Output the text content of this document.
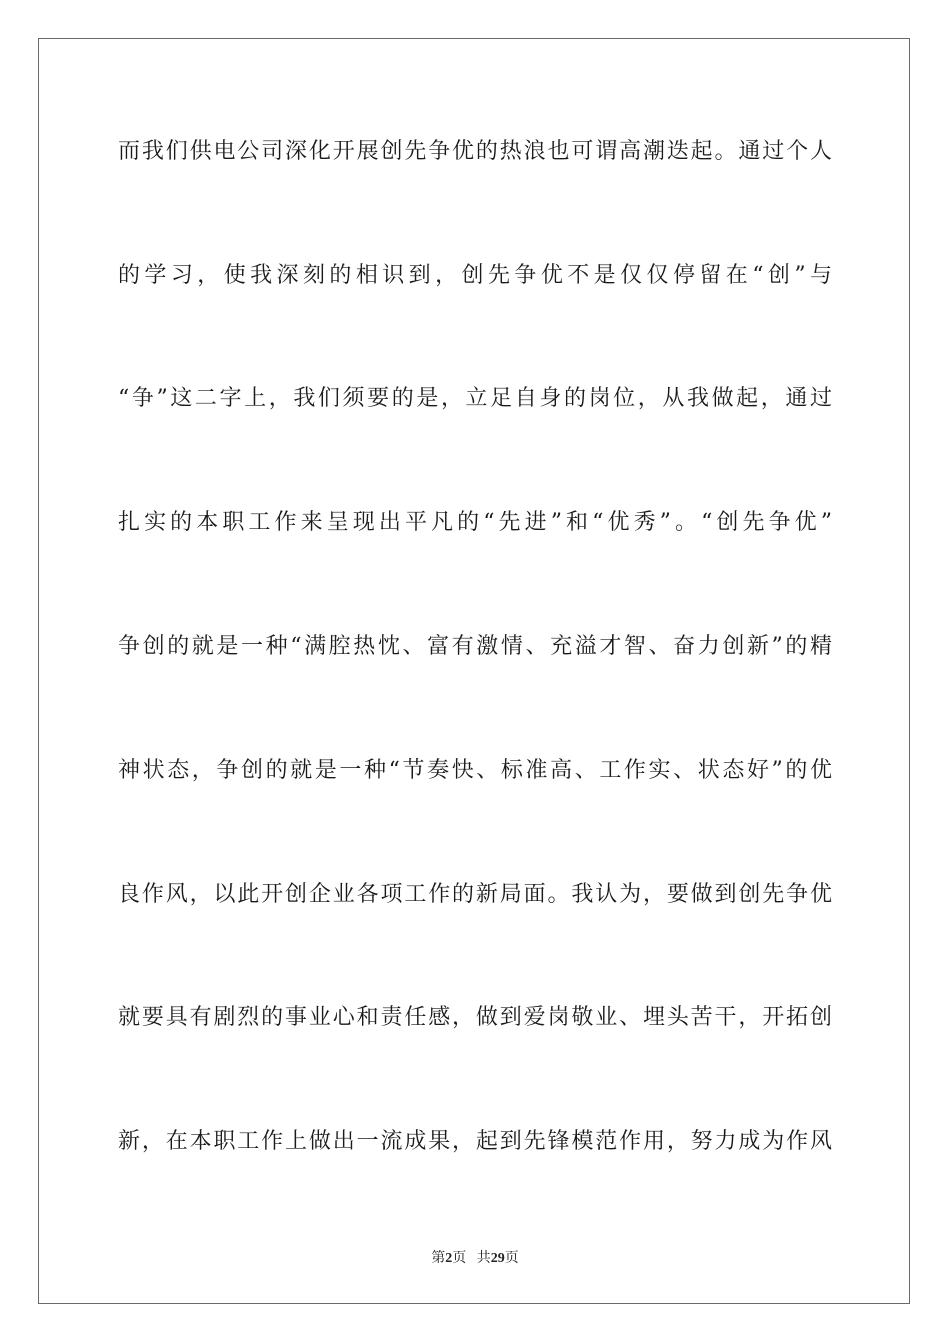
而我们供电公司深化开展创先争优的热浪也可谓高潮迭起。通过个人
的学习，使我深刻的相识到，创先争优不是仅仅停留在“创”与
“争”这二字上，我们须要的是，立足自身的岗位，从我做起，通过
扎实的本职工作来呈现出平凡的“先进”和“优秀”。“创先争优”
争创的就是一种“满腔热忱、富有激情、充溢才智、奋力创新”的精
神状态，争创的就是一种“节奏快、标准高、工作实、状态好”的优
良作风，以此开创企业各项工作的新局面。我认为，要做到创先争优
就要具有剧烈的事业心和责任感，做到爱岗敬业、埋头苦干，开拓创
新，在本职工作上做出一流成果，起到先锋模范作用，努力成为作风
第2页 共29页
